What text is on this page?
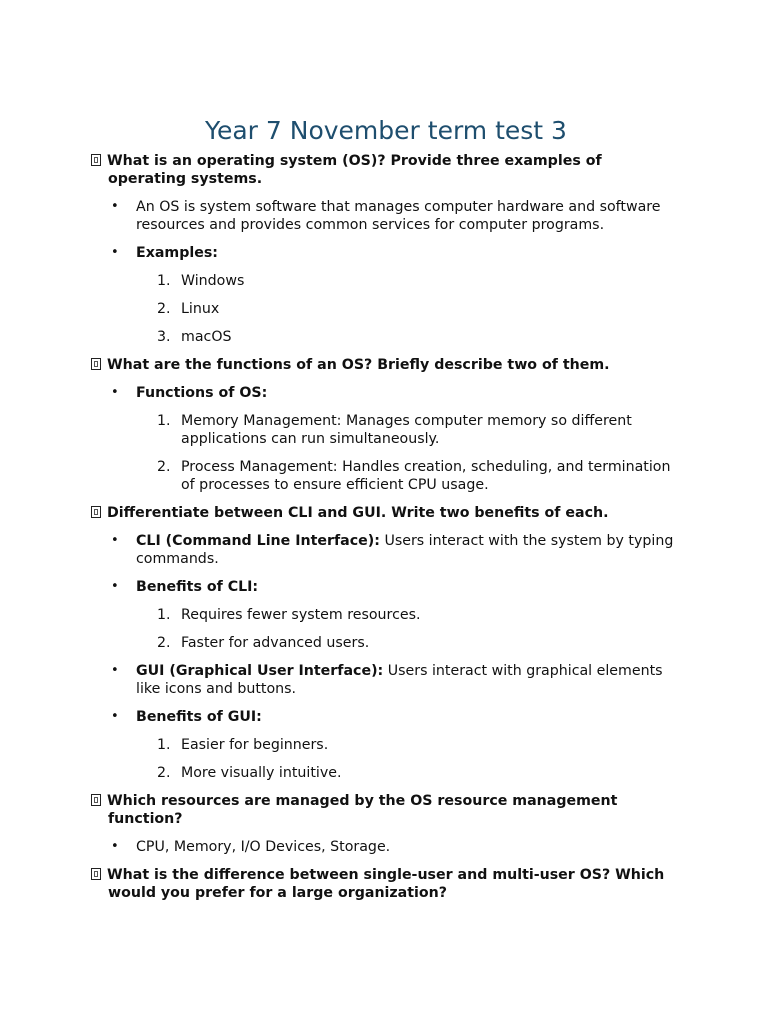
Year 7 November term test 3

What is an operating system (OS)? Provide three examples of operating systems.

• An OS is system software that manages computer hardware and software resources and provides common services for computer programs.
• Examples:
1. Windows
2. Linux
3. macOS

What are the functions of an OS? Briefly describe two of them.

• Functions of OS:
1. Memory Management: Manages computer memory so different applications can run simultaneously.
2. Process Management: Handles creation, scheduling, and termination of processes to ensure efficient CPU usage.

Differentiate between CLI and GUI. Write two benefits of each.

• CLI (Command Line Interface): Users interact with the system by typing commands.
• Benefits of CLI:
1. Requires fewer system resources.
2. Faster for advanced users.
• GUI (Graphical User Interface): Users interact with graphical elements like icons and buttons.
• Benefits of GUI:
1. Easier for beginners.
2. More visually intuitive.

Which resources are managed by the OS resource management function?

• CPU, Memory, I/O Devices, Storage.

What is the difference between single-user and multi-user OS? Which would you prefer for a large organization?
